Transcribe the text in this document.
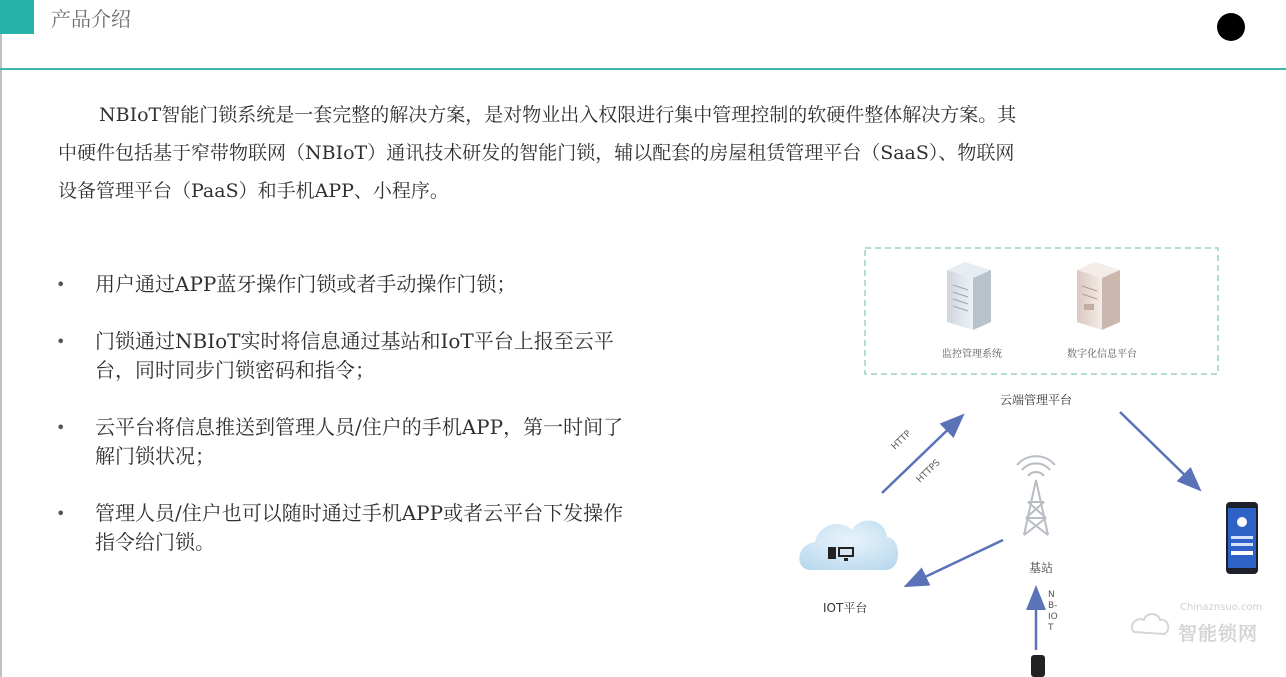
产品介绍

NBIoT智能门锁系统是一套完整的解决方案，是对物业出入权限进行集中管理控制的软硬件整体解决方案。其中硬件包括基于窄带物联网（NBIoT）通讯技术研发的智能门锁，辅以配套的房屋租赁管理平台（SaaS）、物联网设备管理平台（PaaS）和手机APP、小程序。

• 用户通过APP蓝牙操作门锁或者手动操作门锁；
• 门锁通过NBIoT实时将信息通过基站和IoT平台上报至云平台，同时同步门锁密码和指令；
• 云平台将信息推送到管理人员/住户的手机APP，第一时间了解门锁状况；
• 管理人员/住户也可以随时通过手机APP或者云平台下发操作指令给门锁。
监控管理系统	数字化信息平台
云端管理平台
HTTP
HTTPS
基站
IOT平台
NB-IOT
Chinaznsuo.com
智能锁网
